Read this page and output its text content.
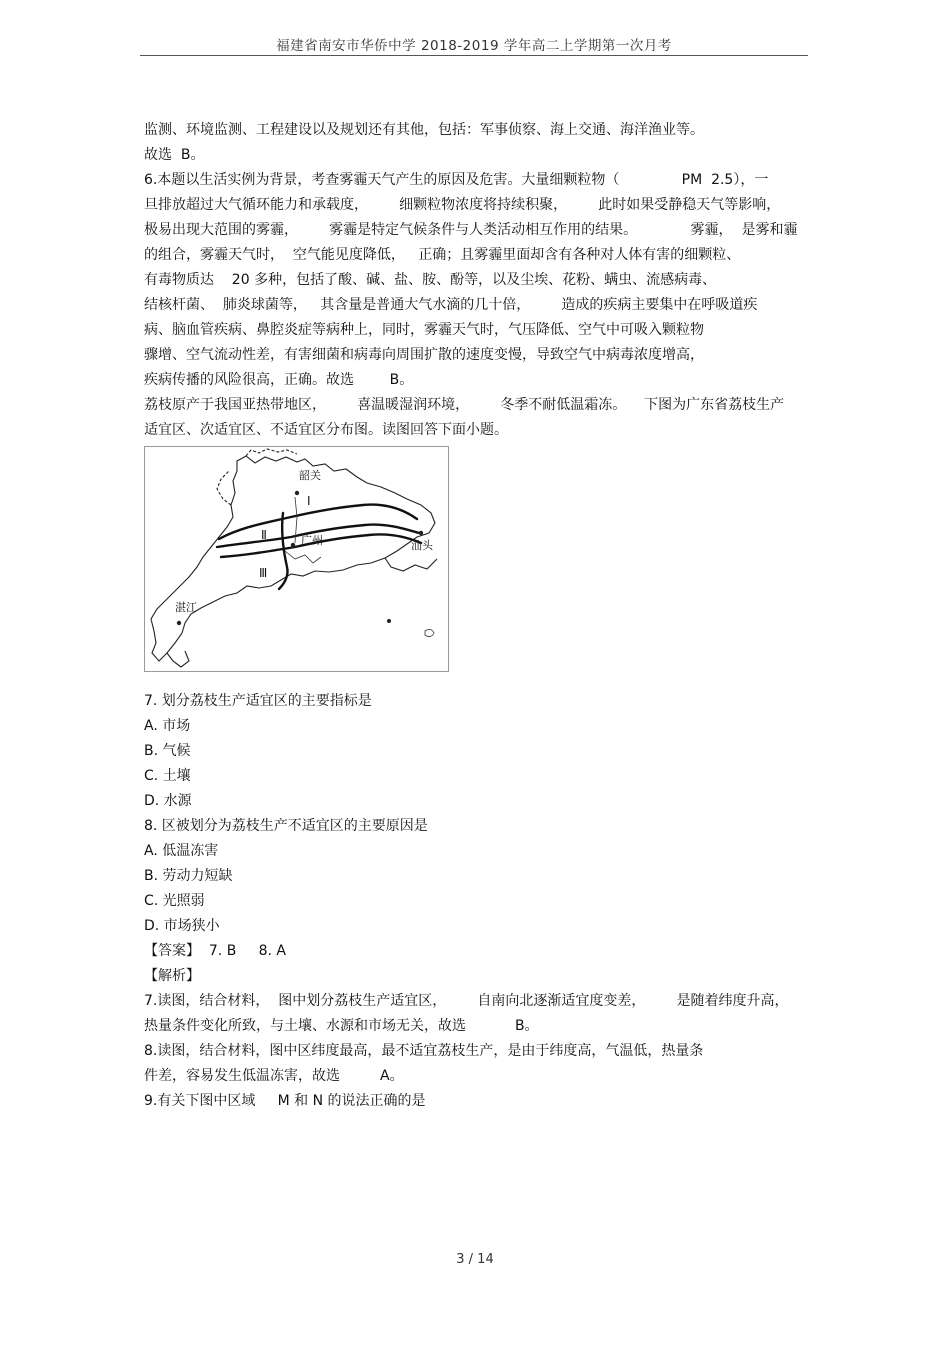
福建省南安市华侨中学 2018-2019 学年高二上学期第一次月考
监测、环境监测、工程建设以及规划还有其他，包括：军事侦察、海上交通、海洋渔业等。
故选  B。
6.本题以生活实例为背景，考查雾霾天气产生的原因及危害。大量细颗粒物（              PM  2.5），一
旦排放超过大气循环能力和承载度，       细颗粒物浓度将持续积聚，       此时如果受静稳天气等影响，
极易出现大范围的雾霾，       雾霾是特定气候条件与人类活动相互作用的结果。            雾霾，  是雾和霾
的组合，雾霾天气时，  空气能见度降低，   正确；且雾霾里面却含有各种对人体有害的细颗粒、
有毒物质达    20 多种，包括了酸、碱、盐、胺、酚等，以及尘埃、花粉、螨虫、流感病毒、
结核杆菌、  肺炎球菌等，   其含量是普通大气水滴的几十倍，       造成的疾病主要集中在呼吸道疾
病、脑血管疾病、鼻腔炎症等病种上，同时，雾霾天气时，气压降低、空气中可吸入颗粒物
骤增、空气流动性差，有害细菌和病毒向周围扩散的速度变慢，导致空气中病毒浓度增高，
疾病传播的风险很高，正确。故选        B。
荔枝原产于我国亚热带地区，       喜温暖湿润环境，       冬季不耐低温霜冻。    下图为广东省荔枝生产
适宜区、次适宜区、不适宜区分布图。读图回答下面小题。
韶关
广州	汕头
湛江
Ⅰ
Ⅱ
Ⅲ
7. 划分荔枝生产适宜区的主要指标是
A. 市场
B. 气候
C. 土壤
D. 水源
8. 区被划分为荔枝生产不适宜区的主要原因是
A. 低温冻害
B. 劳动力短缺
C. 光照弱
D. 市场狭小
【答案】  7. B     8. A
【解析】
7.读图，结合材料，  图中划分荔枝生产适宜区，       自南向北逐渐适宜度变差，       是随着纬度升高，
热量条件变化所致，与土壤、水源和市场无关，故选           B。
8.读图，结合材料，图中区纬度最高，最不适宜荔枝生产，是由于纬度高，气温低，热量条
件差，容易发生低温冻害，故选         A。
9.有关下图中区域     M 和 N 的说法正确的是
3 / 14
